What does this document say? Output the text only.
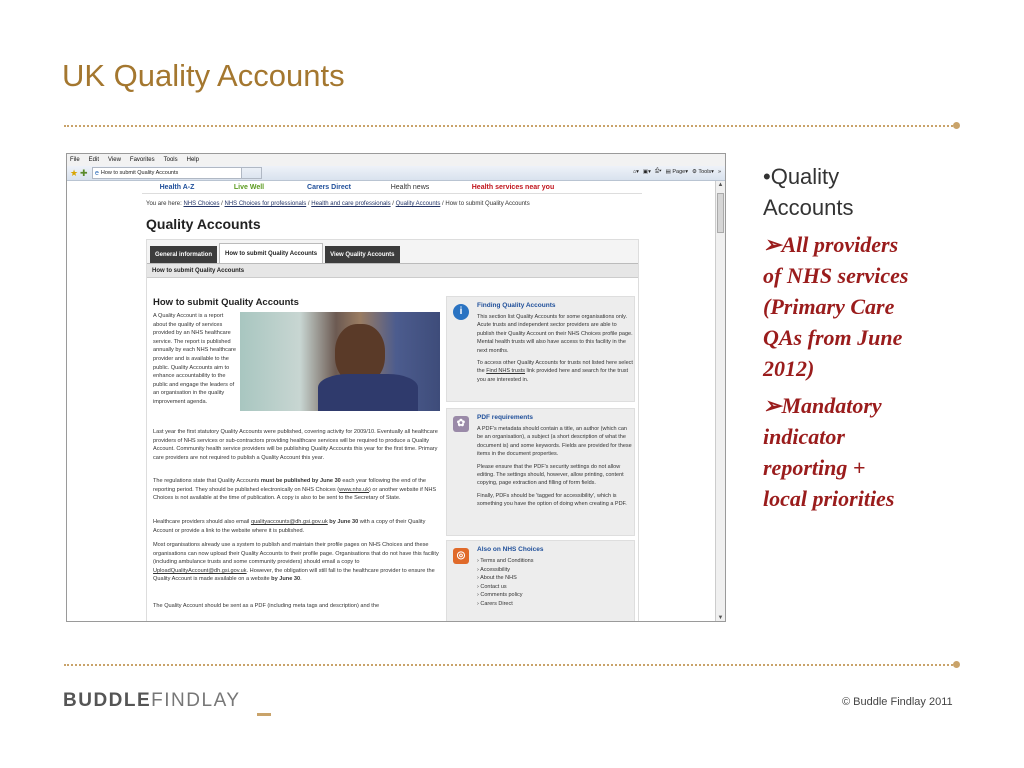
UK Quality Accounts
File Edit View Favorites Tools Help
★ ✚	e How to submit Quality Accounts	⌂▾ ▣▾ ⎙▾ ▤ Page▾ ⚙ Tools▾ »
Health A-Z	Live Well	Carers Direct	Health news	Health services near you
You are here: NHS Choices / NHS Choices for professionals / Health and care professionals / Quality Accounts / How to submit Quality Accounts
Quality Accounts
General information	How to submit Quality Accounts	View Quality Accounts
How to submit Quality Accounts
How to submit Quality Accounts
A Quality Account is a report about the quality of services provided by an NHS healthcare service. The report is published annually by each NHS healthcare provider and is available to the public. Quality Accounts aim to enhance accountability to the public and engage the leaders of an organisation in the quality improvement agenda.
Last year the first statutory Quality Accounts were published, covering activity for 2009/10. Eventually all healthcare providers of NHS services or sub-contractors providing healthcare services will be required to produce a Quality Account. Community health service providers will be publishing Quality Accounts this year for the first time. Primary care providers are not required to publish a Quality Account this year.
The regulations state that Quality Accounts must be published by June 30 each year following the end of the reporting period. They should be published electronically on NHS Choices (www.nhs.uk) or another website if NHS Choices is not available at the time of publication. A copy is also to be sent to the Secretary of State.
Healthcare providers should also email qualityaccounts@dh.gsi.gov.uk by June 30 with a copy of their Quality Account or provide a link to the website where it is published.
Most organisations already use a system to publish and maintain their profile pages on NHS Choices and these organisations can now upload their Quality Accounts to their profile page. Organisations that do not have this facility (including ambulance trusts and some community providers) should email a copy to UploadQualityAccount@dh.gsi.gov.uk. However, the obligation will still fall to the healthcare provider to ensure the Quality Account is made available on a website by June 30.
The Quality Account should be sent as a PDF (including meta tags and description) and the
i
Finding Quality Accounts
This section list Quality Accounts for some organisations only. Acute trusts and independent sector providers are able to publish their Quality Account on their NHS Choices profile page. Mental health trusts will also have access to this facility in the next months.
To access other Quality Accounts for trusts not listed here select the Find NHS trusts link provided here and search for the trust you are interested in.
✿
PDF requirements
A PDF's metadata should contain a title, an author (which can be an organisation), a subject (a short description of what the document is) and some keywords. Fields are provided for these items in the document properties.
Please ensure that the PDF's security settings do not allow editing. The settings should, however, allow printing, content copying, page extraction and filling of form fields.
Finally, PDFs should be 'tagged for accessibility', which is something you have the option of doing when creating a PDF.
◎
Also on NHS Choices
› Terms and Conditions
› Accessibility
› About the NHS
› Contact us
› Comments policy
› Carers Direct
▲
▼
•Quality
Accounts
➢All providers
of NHS services
(Primary Care
QAs from June
2012)
➢Mandatory
indicator
reporting +
local priorities
BUDDLEFINDLAY	© Buddle Findlay 2011
